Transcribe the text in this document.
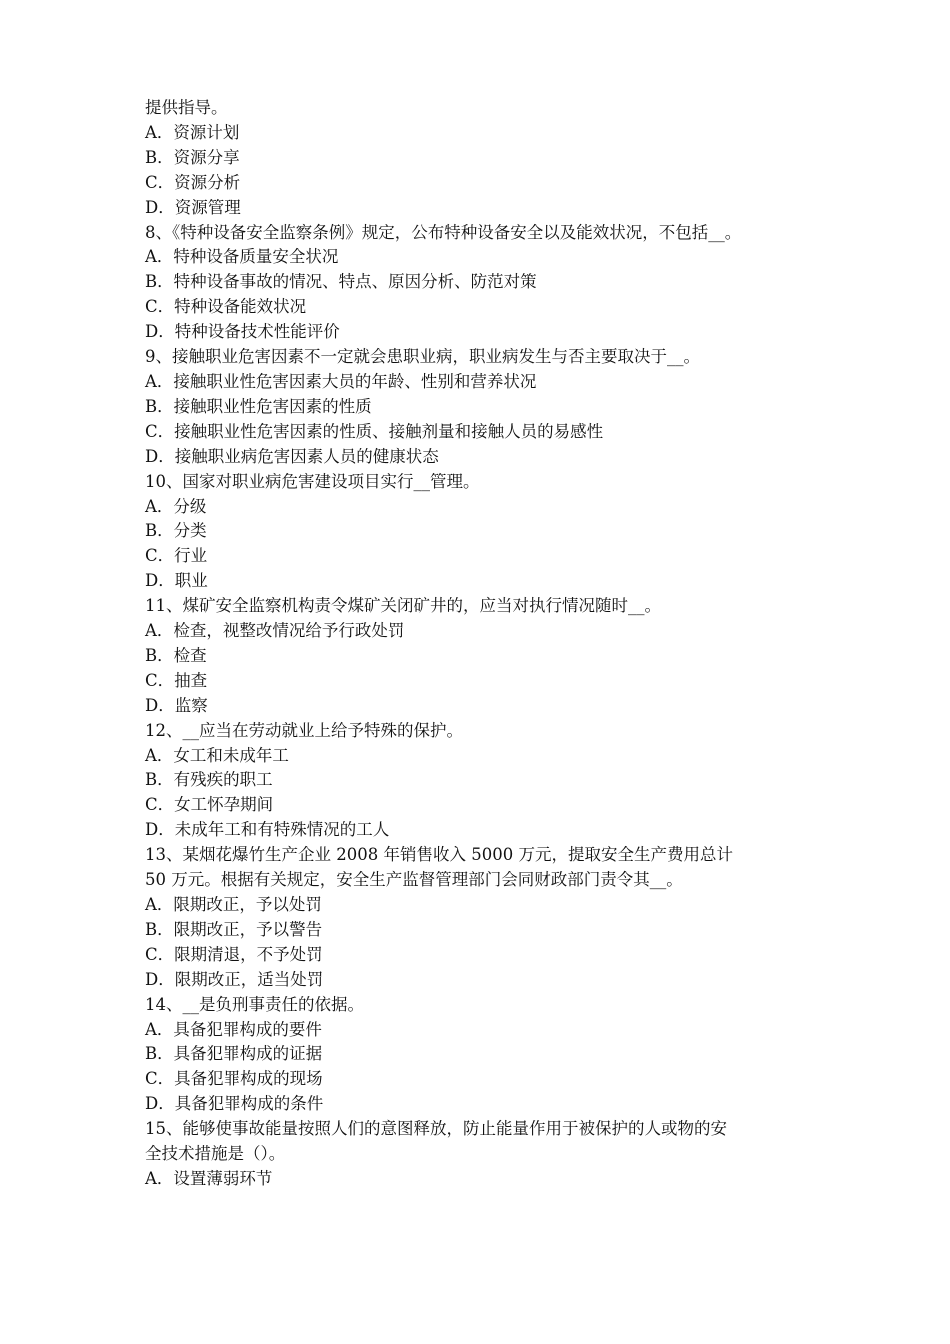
提供指导。
A．资源计划
B．资源分享
C．资源分析
D．资源管理
8、《特种设备安全监察条例》规定，公布特种设备安全以及能效状况，不包括__。
A．特种设备质量安全状况
B．特种设备事故的情况、特点、原因分析、防范对策
C．特种设备能效状况
D．特种设备技术性能评价
9、接触职业危害因素不一定就会患职业病，职业病发生与否主要取决于__。
A．接触职业性危害因素大员的年龄、性别和营养状况
B．接触职业性危害因素的性质
C．接触职业性危害因素的性质、接触剂量和接触人员的易感性
D．接触职业病危害因素人员的健康状态
10、国家对职业病危害建设项目实行__管理。
A．分级
B．分类
C．行业
D．职业
11、煤矿安全监察机构责令煤矿关闭矿井的，应当对执行情况随时__。
A．检查，视整改情况给予行政处罚
B．检查
C．抽查
D．监察
12、__应当在劳动就业上给予特殊的保护。
A．女工和未成年工
B．有残疾的职工
C．女工怀孕期间
D．未成年工和有特殊情况的工人
13、某烟花爆竹生产企业 2008 年销售收入 5000 万元，提取安全生产费用总计
50 万元。根据有关规定，安全生产监督管理部门会同财政部门责令其__。
A．限期改正，予以处罚
B．限期改正，予以警告
C．限期清退，不予处罚
D．限期改正，适当处罚
14、__是负刑事责任的依据。
A．具备犯罪构成的要件
B．具备犯罪构成的证据
C．具备犯罪构成的现场
D．具备犯罪构成的条件
15、能够使事故能量按照人们的意图释放，防止能量作用于被保护的人或物的安
全技术措施是（）。
A．设置薄弱环节
